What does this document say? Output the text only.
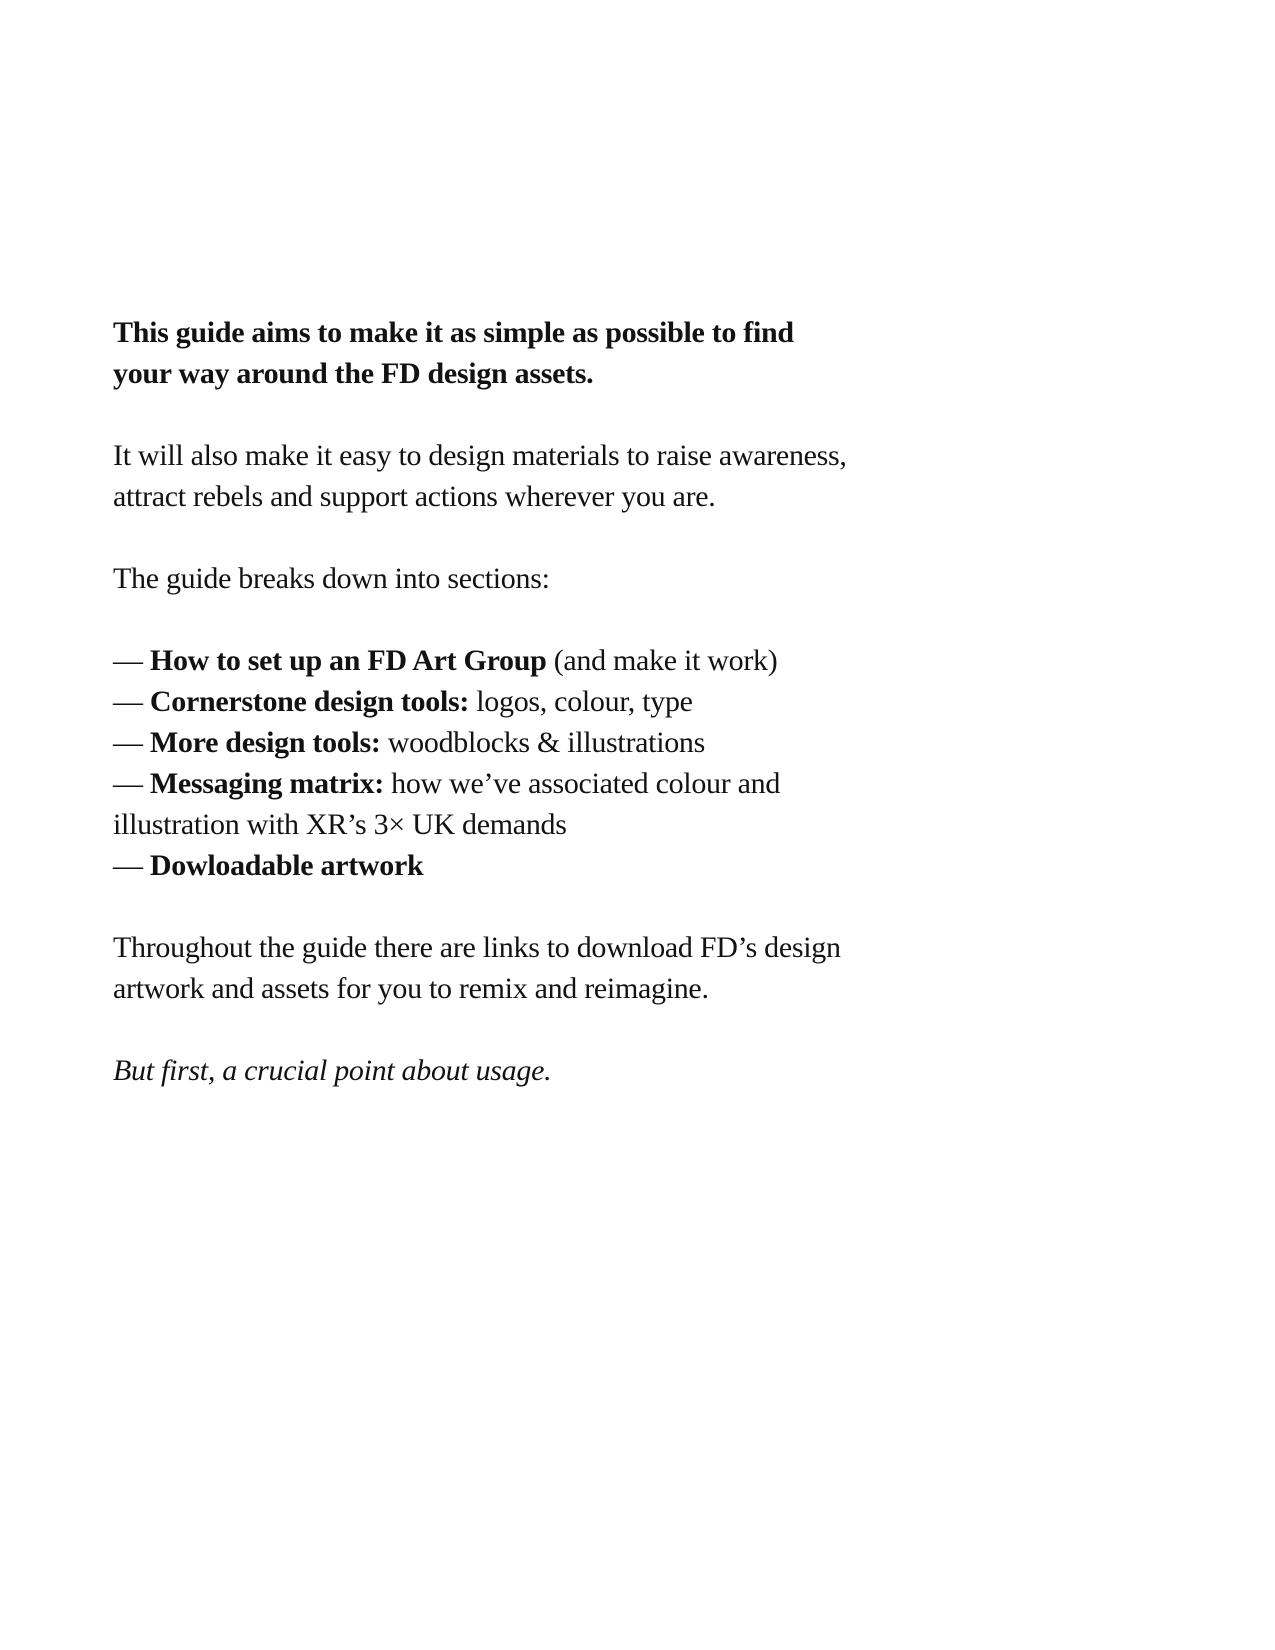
This guide aims to make it as simple as possible to find
your way around the FD design assets.
It will also make it easy to design materials to raise awareness,
attract rebels and support actions wherever you are.
The guide breaks down into sections:
— How to set up an FD Art Group (and make it work)
— Cornerstone design tools: logos, colour, type
— More design tools: woodblocks & illustrations
— Messaging matrix: how we’ve associated colour and
illustration with XR’s 3× UK demands
— Dowloadable artwork
Throughout the guide there are links to download FD’s design
artwork and assets for you to remix and reimagine.
But first, a crucial point about usage.
